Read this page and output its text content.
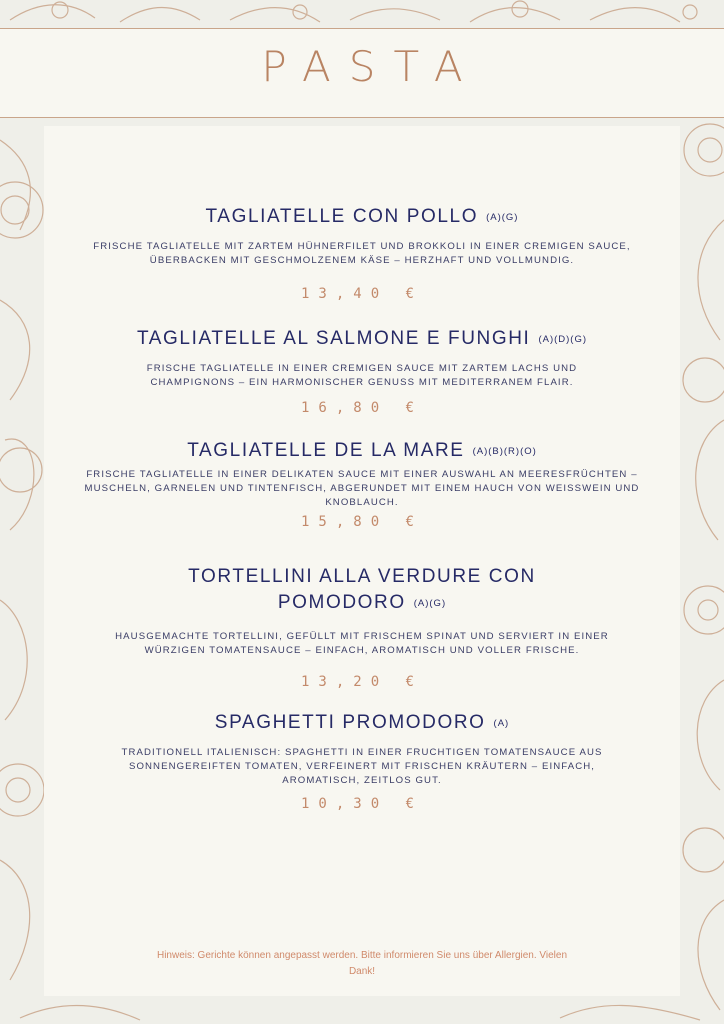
PASTA
TAGLIATELLE CON POLLO (A)(G)
FRISCHE TAGLIATELLE MIT ZARTEM HÜHNERFILET UND BROKKOLI IN EINER CREMIGEN SAUCE, ÜBERBACKEN MIT GESCHMOLZENEM KÄSE – HERZHAFT UND VOLLMUNDIG.
13,40 €
TAGLIATELLE AL SALMONE E FUNGHI (A)(D)(G)
FRISCHE TAGLIATELLE IN EINER CREMIGEN SAUCE MIT ZARTEM LACHS UND CHAMPIGNONS – EIN HARMONISCHER GENUSS MIT MEDITERRANEM FLAIR.
16,80 €
TAGLIATELLE DE LA MARE (A)(B)(R)(O)
FRISCHE TAGLIATELLE IN EINER DELIKATEN SAUCE MIT EINER AUSWAHL AN MEERESFRÜCHTEN – MUSCHELN, GARNELEN UND TINTENFISCH, ABGERUNDET MIT EINEM HAUCH VON WEISSWEIN UND KNOBLAUCH.
15,80 €
TORTELLINI ALLA VERDURE CON POMODORO (A)(G)
HAUSGEMACHTE TORTELLINI, GEFÜLLT MIT FRISCHEM SPINAT UND SERVIERT IN EINER WÜRZIGEN TOMATENSAUCE – EINFACH, AROMATISCH UND VOLLER FRISCHE.
13,20 €
SPAGHETTI PROMODORO (A)
TRADITIONELL ITALIENISCH: SPAGHETTI IN EINER FRUCHTIGEN TOMATENSAUCE AUS SONNENGEREIFTEN TOMATEN, VERFEINERT MIT FRISCHEN KRÄUTERN – EINFACH, AROMATISCH, ZEITLOS GUT.
10,30 €
Hinweis: Gerichte können angepasst werden. Bitte informieren Sie uns über Allergien. Vielen Dank!
